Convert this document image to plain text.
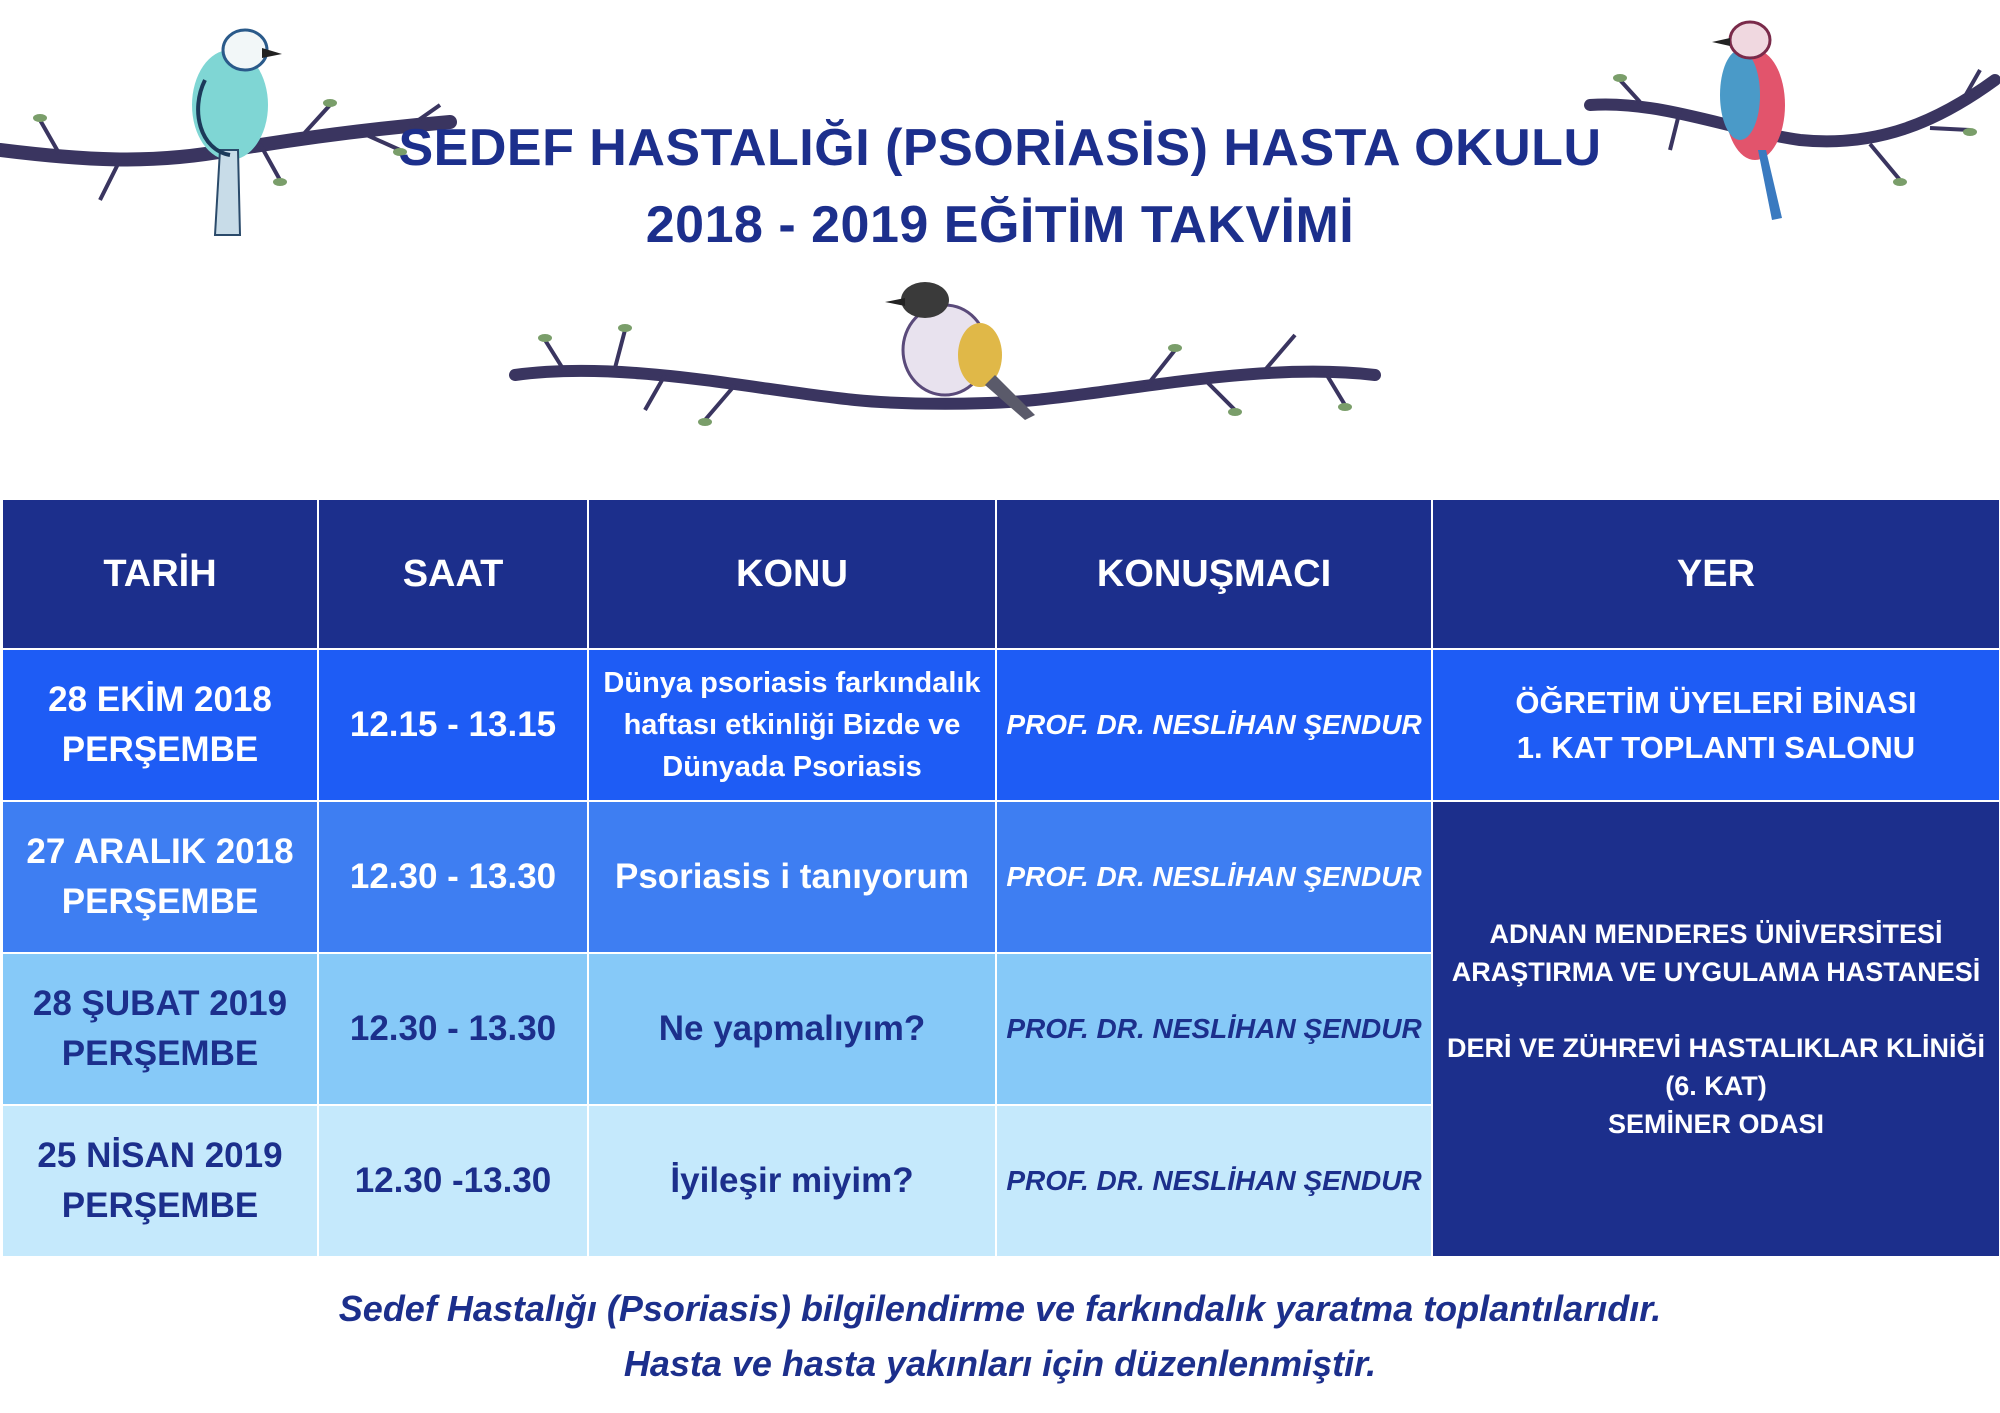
SEDEF HASTALIĞI (PSORİASİS) HASTA OKULU
2018 - 2019 EĞİTİM TAKVİMİ
TARİH	SAAT	KONU	KONUŞMACI	YER
28 EKİM 2018
PERŞEMBE	12.15 - 13.15	Dünya psoriasis farkındalık
haftası etkinliği Bizde ve
Dünyada Psoriasis	PROF. DR. NESLİHAN ŞENDUR	ÖĞRETİM ÜYELERİ BİNASI
1. KAT TOPLANTI SALONU
27 ARALIK 2018
PERŞEMBE	12.30 - 13.30	Psoriasis i tanıyorum	PROF. DR. NESLİHAN ŞENDUR	ADNAN MENDERES ÜNİVERSİTESİ
ARAŞTIRMA VE UYGULAMA HASTANESİ

DERİ VE ZÜHREVİ HASTALIKLAR KLİNİĞİ
(6. KAT)
SEMİNER ODASI
28 ŞUBAT 2019
PERŞEMBE	12.30 - 13.30	Ne yapmalıyım?	PROF. DR. NESLİHAN ŞENDUR	
25 NİSAN 2019
PERŞEMBE	12.30 -13.30	İyileşir miyim?	PROF. DR. NESLİHAN ŞENDUR	

Sedef Hastalığı (Psoriasis) bilgilendirme ve farkındalık yaratma toplantılarıdır.

Hasta ve hasta yakınları için düzenlenmiştir.
